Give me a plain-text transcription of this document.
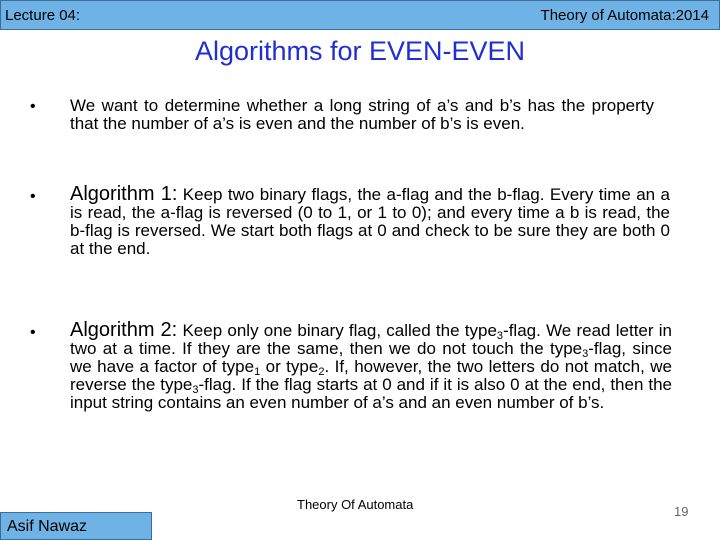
Lecture 04:	Theory of Automata:2014
Algorithms for EVEN-EVEN
• We want to determine whether a long string of a’s and b’s has the property that the number of a’s is even and the number of b’s is even.
• Algorithm 1: Keep two binary flags, the a-flag and the b-flag. Every time an a is read, the a-flag is reversed (0 to 1, or 1 to 0); and every time a b is read, the b-flag is reversed. We start both flags at 0 and check to be sure they are both 0 at the end.
• Algorithm 2: Keep only one binary flag, called the type$_3$-flag. We read letter in two at a time. If they are the same, then we do not touch the type$_3$-flag, since we have a factor of type$_1$ or type$_2$. If, however, the two letters do not match, we reverse the type$_3$-flag. If the flag starts at 0 and if it is also 0 at the end, then the input string contains an even number of a’s and an even number of b’s.
Theory Of Automata	19
Asif Nawaz
